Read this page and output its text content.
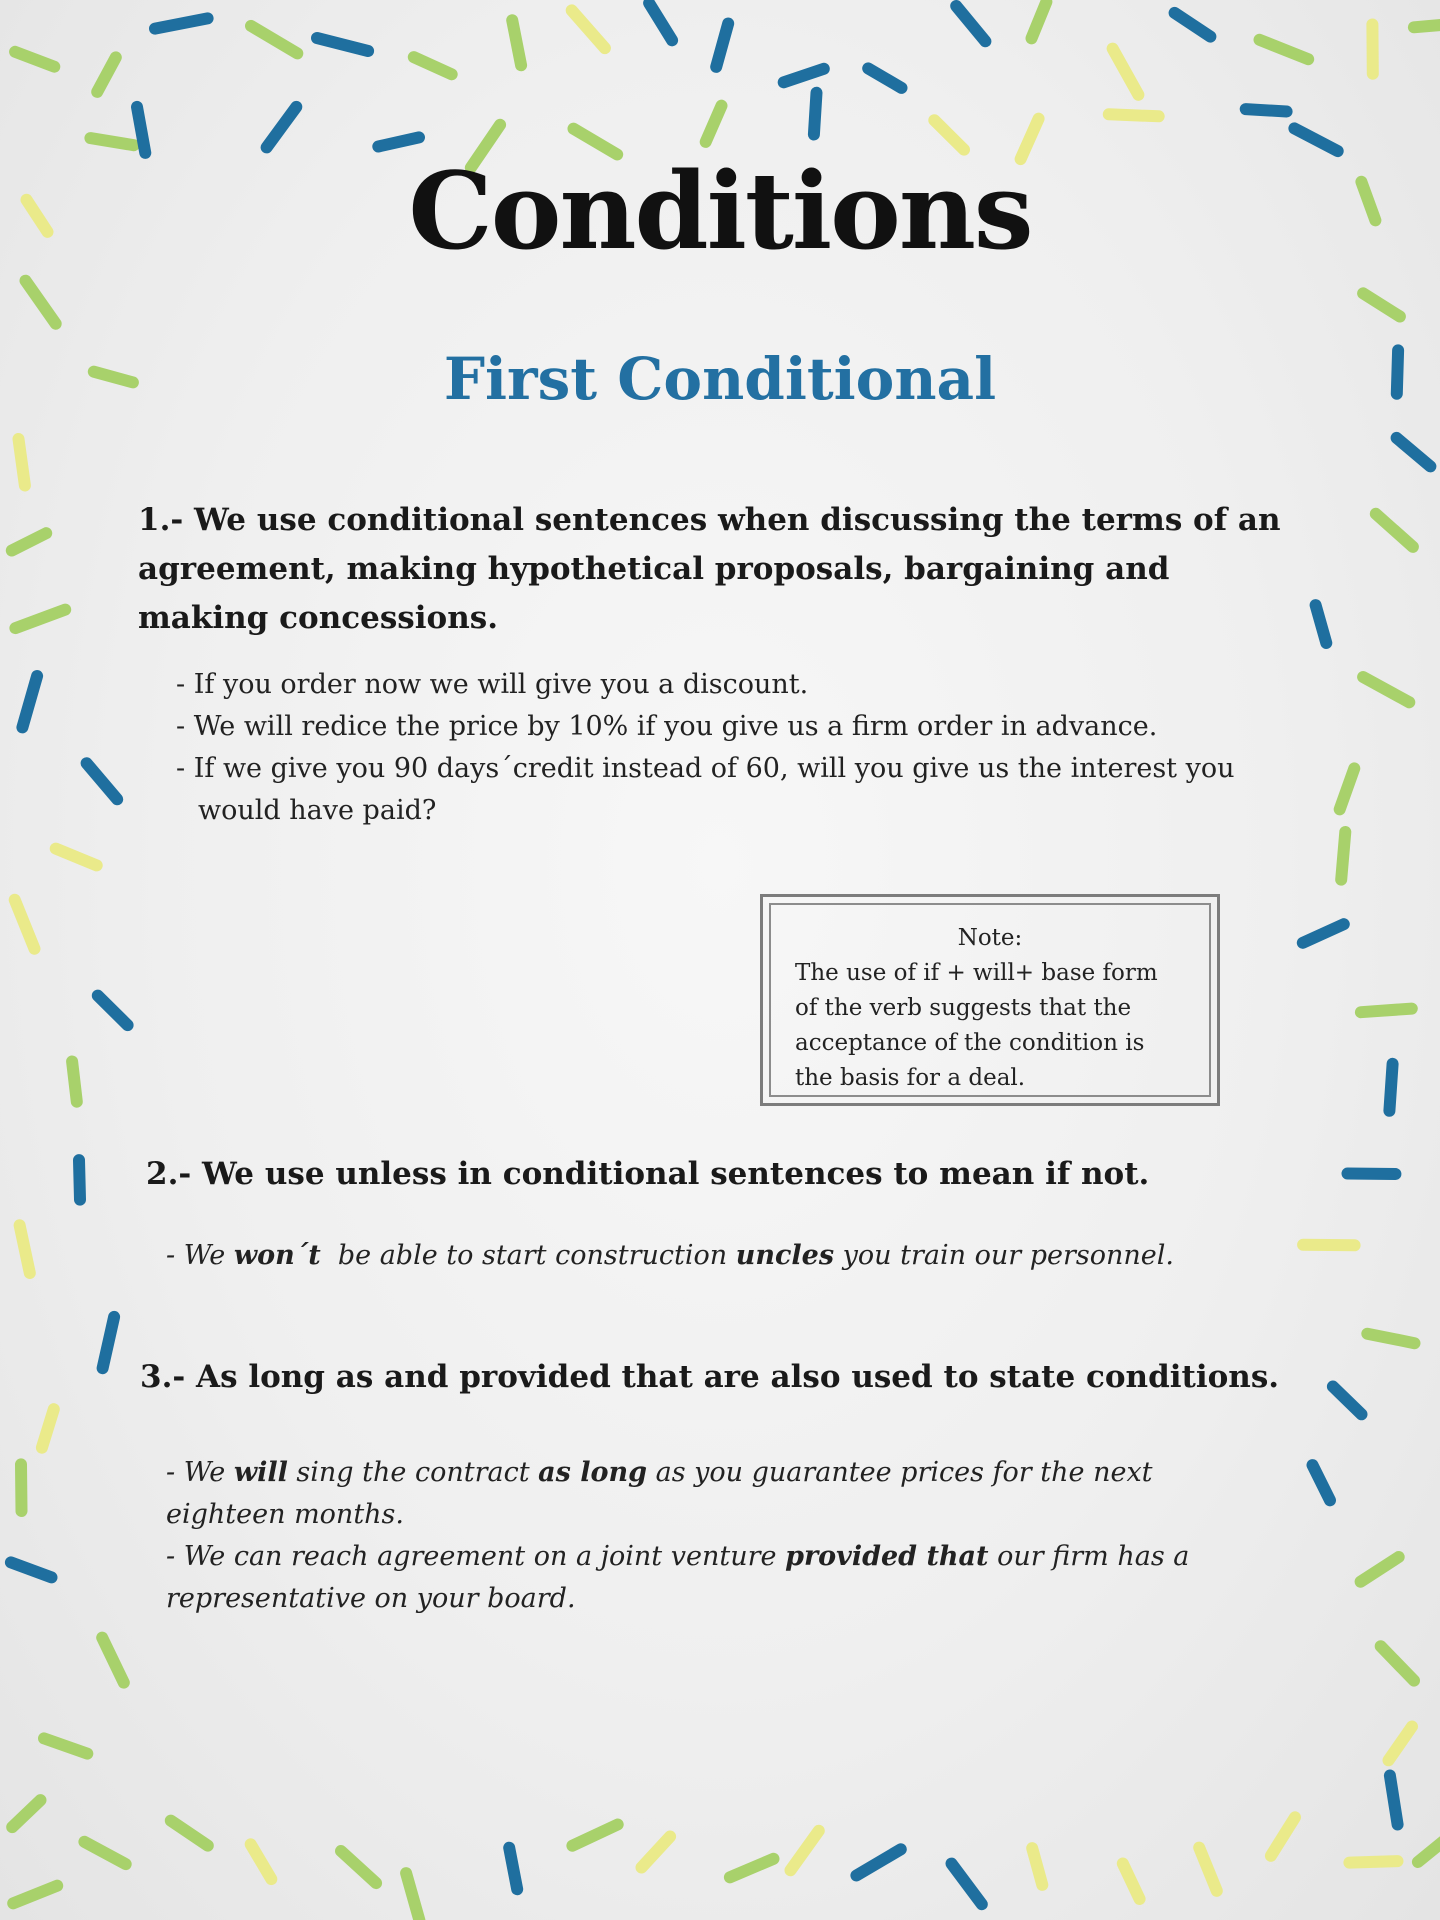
Conditions
First Conditional

1.- We use conditional sentences when discussing the terms of an agreement, making hypothetical proposals, bargaining and making concessions.

- If you order now we will give you a discount.
- We will redice the price by 10% if you give us a firm order in advance.
- If we give you 90 days´credit instead of 60, will you give us the interest you would have paid?
Note:
The use of if + will+ base form of the verb suggests that the acceptance of the condition is the basis for a deal.

2.- We use unless in conditional sentences to mean if not.

- We won´t  be able to start construction uncles you train our personnel.

3.- As long as and provided that are also used to state conditions.

- We will sing the contract as long as you guarantee prices for the next eighteen months.
- We can reach agreement on a joint venture provided that our firm has a representative on your board.
